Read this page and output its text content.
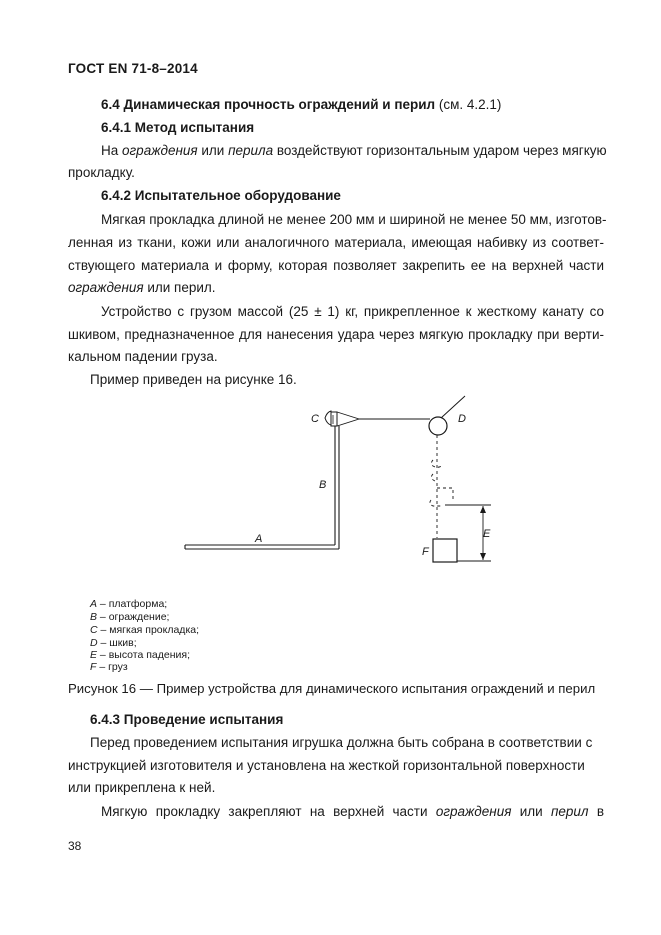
ГОСТ EN 71-8–2014
6.4 Динамическая прочность ограждений и перил (см. 4.2.1)
6.4.1 Метод испытания
На ограждения или перила воздействуют горизонтальным ударом через мягкую
прокладку.
6.4.2 Испытательное оборудование
Мягкая прокладка длиной не менее 200 мм и шириной не менее 50 мм, изготов-
ленная из ткани, кожи или аналогичного материала, имеющая набивку из соответ-
ствующего материала и форму, которая позволяет закрепить ее на верхней части
ограждения или перил.
Устройство с грузом массой (25 ± 1) кг, прикрепленное к жесткому канату со
шкивом, предназначенное для нанесения удара через мягкую прокладку при верти-
кальном падении груза.
Пример приведен на рисунке 16.
C	D
B
A	E
F
A – платформа;
B – ограждение;
C – мягкая прокладка;
D – шкив;
E – высота падения;
F – груз
Рисунок 16 — Пример устройства для динамического испытания ограждений и перил
6.4.3 Проведение испытания
Перед проведением испытания игрушка должна быть собрана в соответствии с
инструкцией изготовителя и установлена на жесткой горизонтальной поверхности
или прикреплена к ней.
Мягкую прокладку закрепляют на верхней части ограждения или перил в
38
